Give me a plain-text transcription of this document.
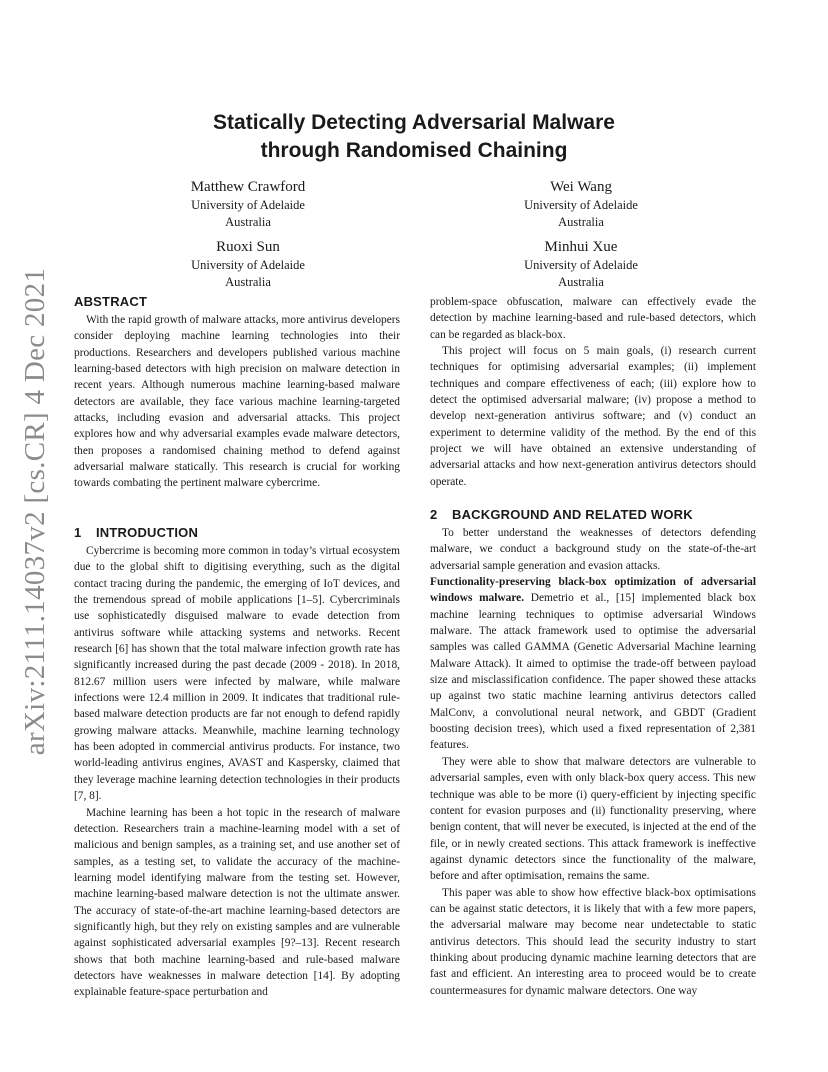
arXiv:2111.14037v2 [cs.CR] 4 Dec 2021
Statically Detecting Adversarial Malware
through Randomised Chaining
Matthew Crawford
University of Adelaide
Australia
Wei Wang
University of Adelaide
Australia
Ruoxi Sun
University of Adelaide
Australia
Minhui Xue
University of Adelaide
Australia
ABSTRACT

With the rapid growth of malware attacks, more antivirus developers consider deploying machine learning technologies into their productions. Researchers and developers published various machine learning-based detectors with high precision on malware detection in recent years. Although numerous machine learning-based malware detectors are available, they face various machine learning-targeted attacks, including evasion and adversarial attacks. This project explores how and why adversarial examples evade malware detectors, then proposes a randomised chaining method to defend against adversarial malware statically. This research is crucial for working towards combating the pertinent malware cybercrime.

1 INTRODUCTION

Cybercrime is becoming more common in today’s virtual ecosystem due to the global shift to digitising everything, such as the digital contact tracing during the pandemic, the emerging of IoT devices, and the tremendous spread of mobile applications [1–5]. Cybercriminals use sophisticatedly disguised malware to evade detection from antivirus software while attacking systems and networks. Recent research [6] has shown that the total malware infection growth rate has significantly increased during the past decade (2009 - 2018). In 2018, 812.67 million users were infected by malware, while malware infections were 12.4 million in 2009. It indicates that traditional rule-based malware detection products are far not enough to defend rapidly growing malware attacks. Meanwhile, machine learning technology has been adopted in commercial antivirus products. For instance, two world-leading antivirus engines, AVAST and Kaspersky, claimed that they leverage machine learning detection technologies in their products [7, 8].

Machine learning has been a hot topic in the research of malware detection. Researchers train a machine-learning model with a set of malicious and benign samples, as a training set, and use another set of samples, as a testing set, to validate the accuracy of the machine-learning model identifying malware from the testing set. However, machine learning-based malware detection is not the ultimate answer. The accuracy of state-of-the-art machine learning-based detectors are significantly high, but they rely on existing samples and are vulnerable against sophisticated adversarial examples [9?–13]. Recent research shows that both machine learning-based and rule-based malware detectors have weaknesses in malware detection [14]. By adopting explainable feature-space perturbation and

problem-space obfuscation, malware can effectively evade the detection by machine learning-based and rule-based detectors, which can be regarded as black-box.

This project will focus on 5 main goals, (i) research current techniques for optimising adversarial examples; (ii) implement techniques and compare effectiveness of each; (iii) explore how to detect the optimised adversarial malware; (iv) propose a method to develop next-generation antivirus software; and (v) conduct an experiment to determine validity of the method. By the end of this project we will have obtained an extensive understanding of adversarial attacks and how next-generation antivirus detectors should operate.

2 BACKGROUND AND RELATED WORK

To better understand the weaknesses of detectors defending malware, we conduct a background study on the state-of-the-art adversarial sample generation and evasion attacks.

Functionality-preserving black-box optimization of adversarial windows malware. Demetrio et al., [15] implemented black box machine learning techniques to optimise adversarial Windows malware. The attack framework used to optimise the adversarial samples was called GAMMA (Genetic Adversarial Machine learning Malware Attack). It aimed to optimise the trade-off between payload size and misclassification confidence. The paper showed these attacks up against two static machine learning antivirus detectors called MalConv, a convolutional neural network, and GBDT (Gradient boosting decision trees), which used a fixed representation of 2,381 features.

They were able to show that malware detectors are vulnerable to adversarial samples, even with only black-box query access. This new technique was able to be more (i) query-efficient by injecting specific content for evasion purposes and (ii) functionality preserving, where benign content, that will never be executed, is injected at the end of the file, or in newly created sections. This attack framework is ineffective against dynamic detectors since the functionality of the malware, before and after optimisation, remains the same.

This paper was able to show how effective black-box optimisations can be against static detectors, it is likely that with a few more papers, the adversarial malware may become near undetectable to static antivirus detectors. This should lead the security industry to start thinking about producing dynamic machine learning detectors that are fast and efficient. An interesting area to proceed would be to create countermeasures for dynamic malware detectors. One way
